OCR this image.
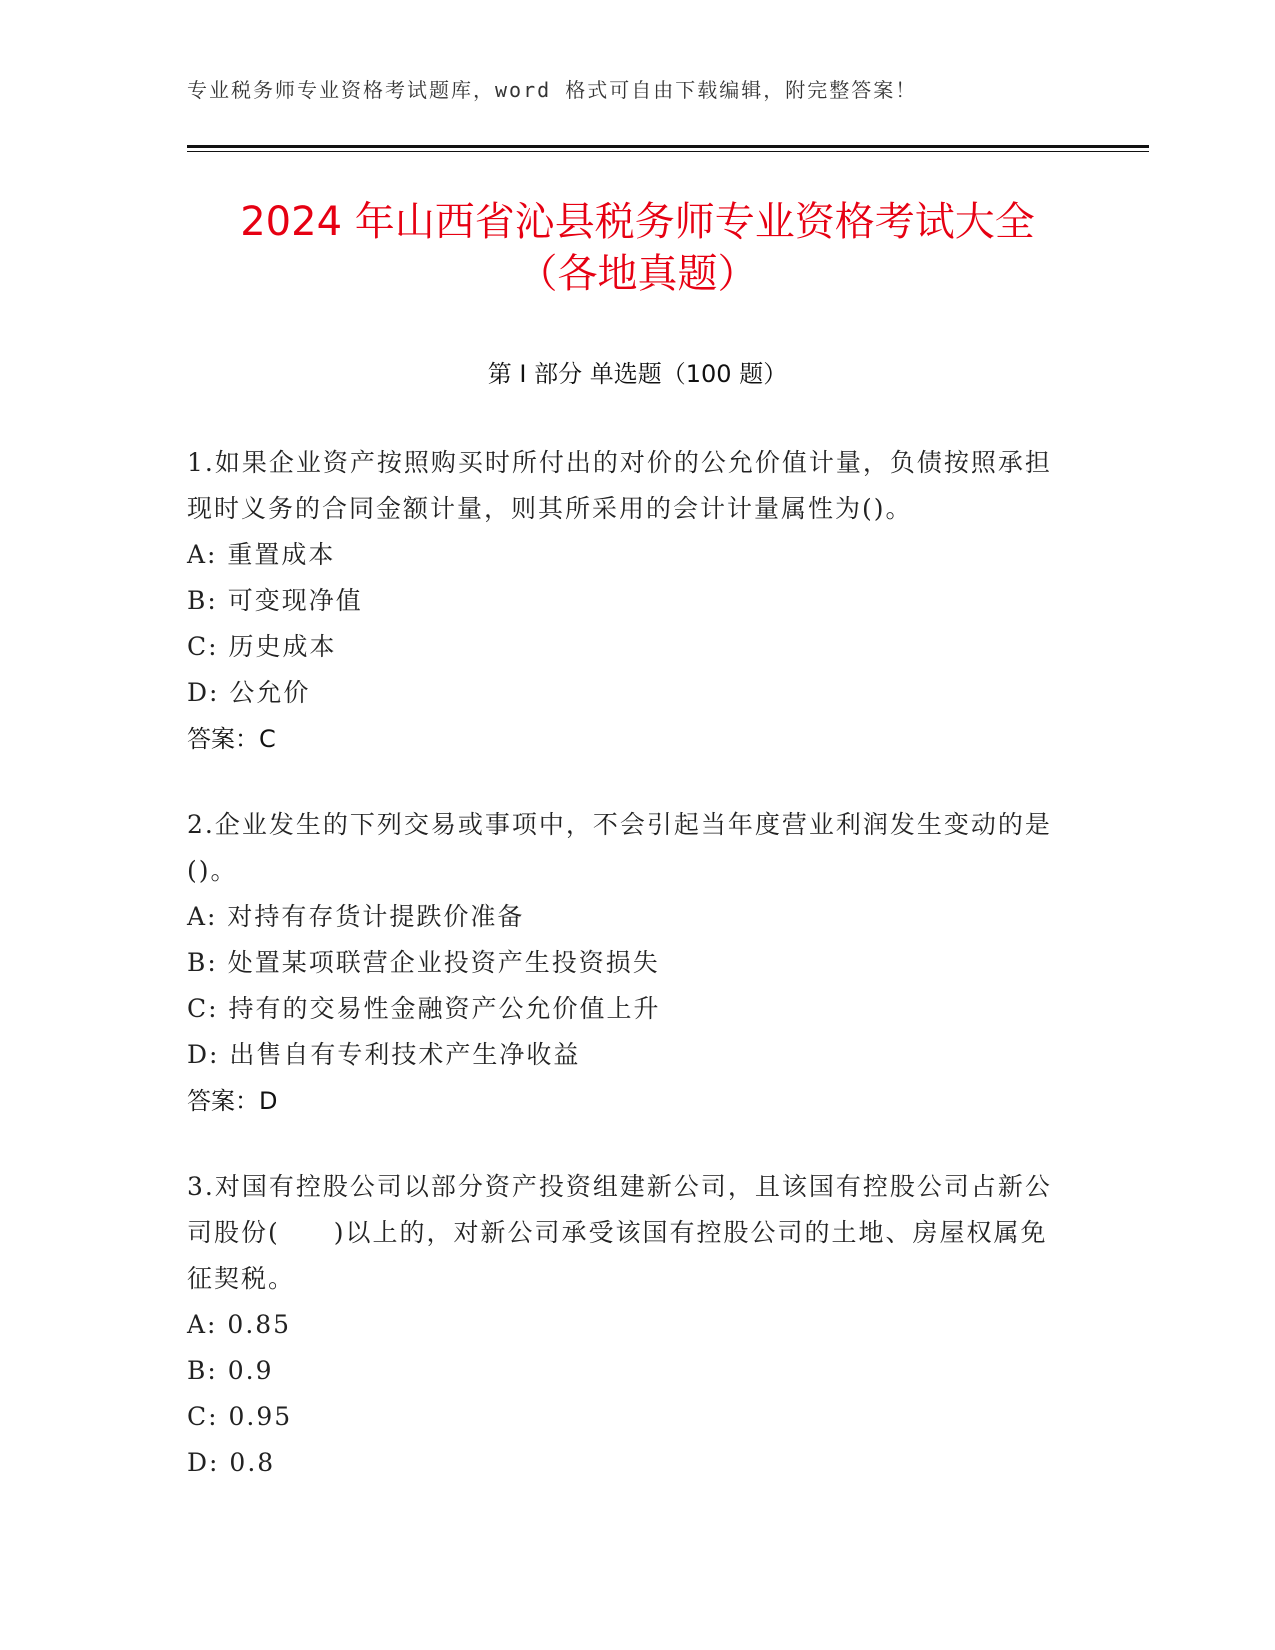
专业税务师专业资格考试题库，word 格式可自由下载编辑，附完整答案！
2024 年山西省沁县税务师专业资格考试大全
（各地真题）
第 I 部分 单选题（100 题）
1.如果企业资产按照购买时所付出的对价的公允价值计量，负债按照承担现时义务的合同金额计量，则其所采用的会计计量属性为()。
A: 重置成本
B: 可变现净值
C: 历史成本
D: 公允价
答案：C
2.企业发生的下列交易或事项中，不会引起当年度营业利润发生变动的是()。
A: 对持有存货计提跌价准备
B: 处置某项联营企业投资产生投资损失
C: 持有的交易性金融资产公允价值上升
D: 出售自有专利技术产生净收益
答案：D
3.对国有控股公司以部分资产投资组建新公司，且该国有控股公司占新公司股份(　　)以上的，对新公司承受该国有控股公司的土地、房屋权属免征契税。
A: 0.85
B: 0.9
C: 0.95
D: 0.8
